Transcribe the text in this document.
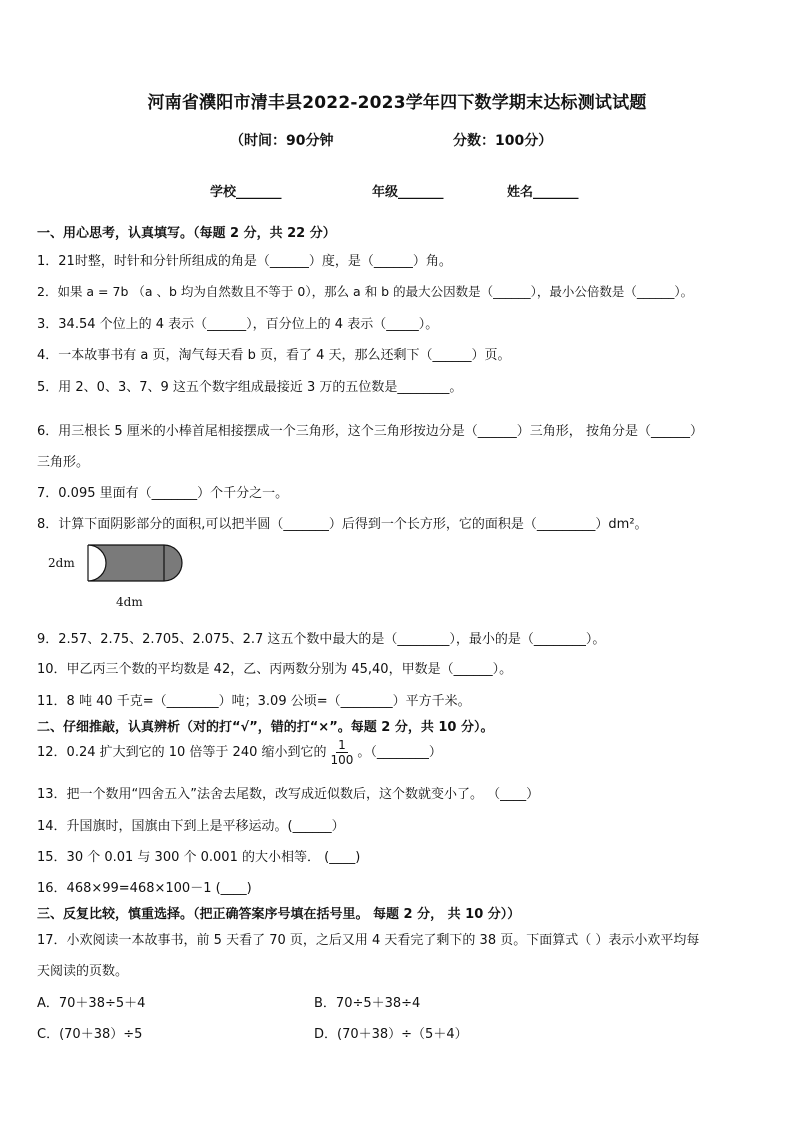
河南省濮阳市清丰县2022-2023学年四下数学期末达标测试试题
（时间：90分钟	分数：100分）
学校_______	年级_______	姓名_______
一、用心思考，认真填写。（每题 2 分，共 22 分）
1．21时整，时针和分针所组成的角是（______）度，是（______）角。
2．如果 a = 7b （a 、b 均为自然数且不等于 0），那么 a 和 b 的最大公因数是（______），最小公倍数是（______）。
3．34.54 个位上的 4 表示（______），百分位上的 4 表示（_____）。
4．一本故事书有 a 页，淘气每天看 b 页，看了 4 天，那么还剩下（______）页。
5．用 2、0、3、7、9 这五个数字组成最接近 3 万的五位数是________。
6．用三根长 5 厘米的小棒首尾相接摆成一个三角形，这个三角形按边分是（______）三角形， 按角分是（______）
三角形。
7．0.095 里面有（_______）个千分之一。
8．计算下面阴影部分的面积,可以把半圆（_______）后得到一个长方形，它的面积是（_________）dm²。
2dm
4dm
9．2.57、2.75、2.705、2.075、2.7 这五个数中最大的是（________），最小的是（________）。
10．甲乙丙三个数的平均数是 42，乙、丙两数分别为 45,40，甲数是（______）。
11．8 吨 40 千克=（________）吨；3.09 公顷=（________）平方千米。
二、仔细推敲，认真辨析（对的打“√”，错的打“×”。每题 2 分，共 10 分）。
12．0.24 扩大到它的 10 倍等于 240 缩小到它的 $\frac{1}{100}$ 。（________）
13．把一个数用“四舍五入”法舍去尾数，改写成近似数后，这个数就变小了。 （____）
14．升国旗时，国旗由下到上是平移运动。(______）
15．30 个 0.01 与 300 个 0.001 的大小相等． (____)
16．468×99=468×100－1 (____)
三、反复比较，慎重选择。（把正确答案序号填在括号里。 每题 2 分， 共 10 分））
17．小欢阅读一本故事书，前 5 天看了 70 页，之后又用 4 天看完了剩下的 38 页。下面算式（ ）表示小欢平均每
天阅读的页数。
A．70＋38÷5＋4	B．70÷5＋38÷4
C．(70＋38）÷5	D．(70＋38）÷（5＋4）
